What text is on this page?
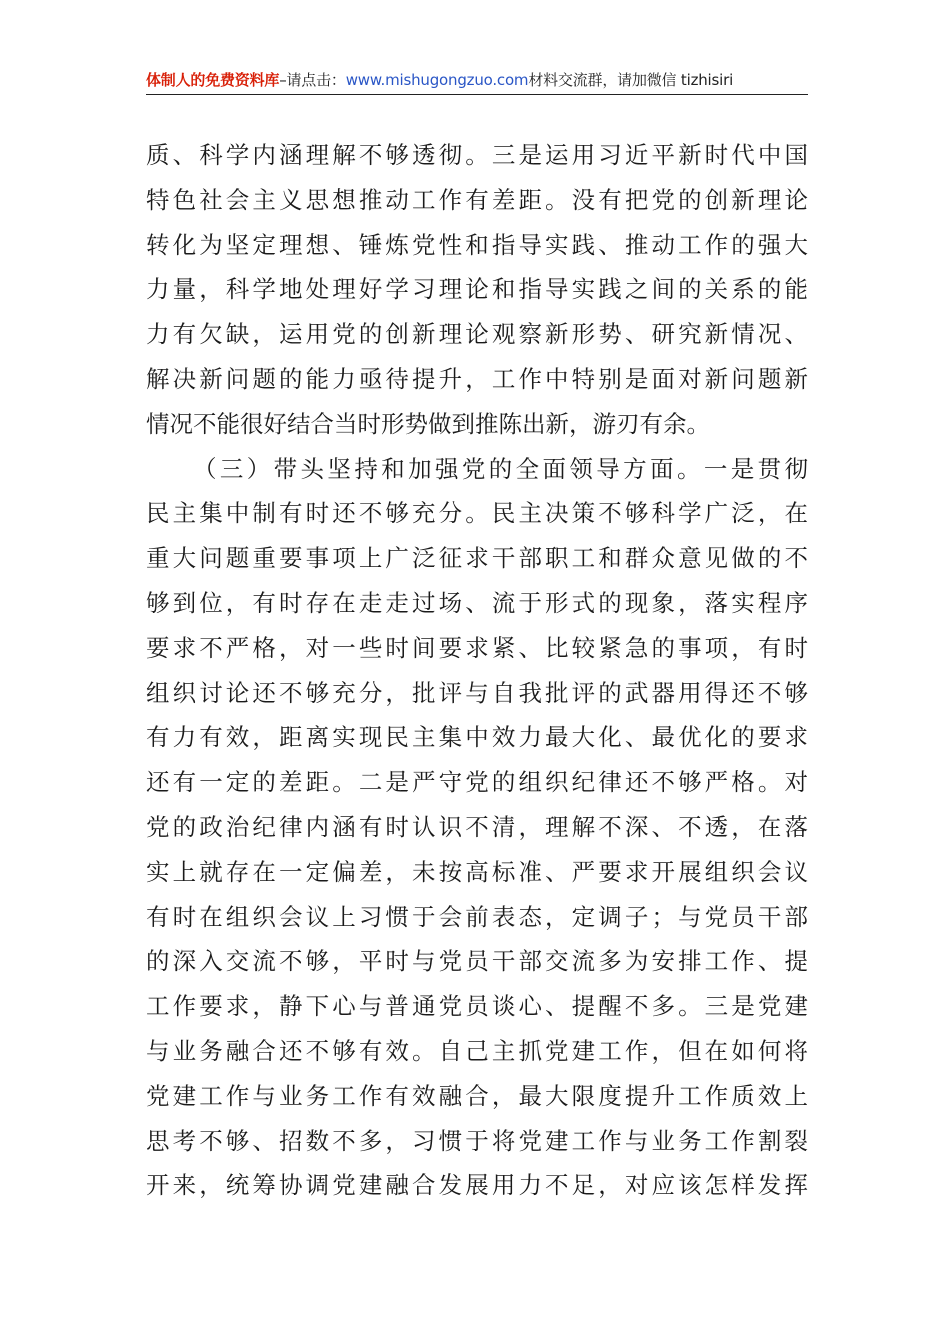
体制人的免费资料库–请点击：www.mishugongzuo.com材料交流群，请加微信 tizhisiri
质、科学内涵理解不够透彻。三是运用习近平新时代中国
特色社会主义思想推动工作有差距。没有把党的创新理论
转化为坚定理想、锤炼党性和指导实践、推动工作的强大
力量，科学地处理好学习理论和指导实践之间的关系的能
力有欠缺，运用党的创新理论观察新形势、研究新情况、
解决新问题的能力亟待提升，工作中特别是面对新问题新
情况不能很好结合当时形势做到推陈出新，游刃有余。
（三）带头坚持和加强党的全面领导方面。一是贯彻
民主集中制有时还不够充分。民主决策不够科学广泛，在
重大问题重要事项上广泛征求干部职工和群众意见做的不
够到位，有时存在走走过场、流于形式的现象，落实程序
要求不严格，对一些时间要求紧、比较紧急的事项，有时
组织讨论还不够充分，批评与自我批评的武器用得还不够
有力有效，距离实现民主集中效力最大化、最优化的要求
还有一定的差距。二是严守党的组织纪律还不够严格。对
党的政治纪律内涵有时认识不清，理解不深、不透，在落
实上就存在一定偏差，未按高标准、严要求开展组织会议
有时在组织会议上习惯于会前表态，定调子；与党员干部
的深入交流不够，平时与党员干部交流多为安排工作、提
工作要求，静下心与普通党员谈心、提醒不多。三是党建
与业务融合还不够有效。自己主抓党建工作，但在如何将
党建工作与业务工作有效融合，最大限度提升工作质效上
思考不够、招数不多，习惯于将党建工作与业务工作割裂
开来，统筹协调党建融合发展用力不足，对应该怎样发挥
